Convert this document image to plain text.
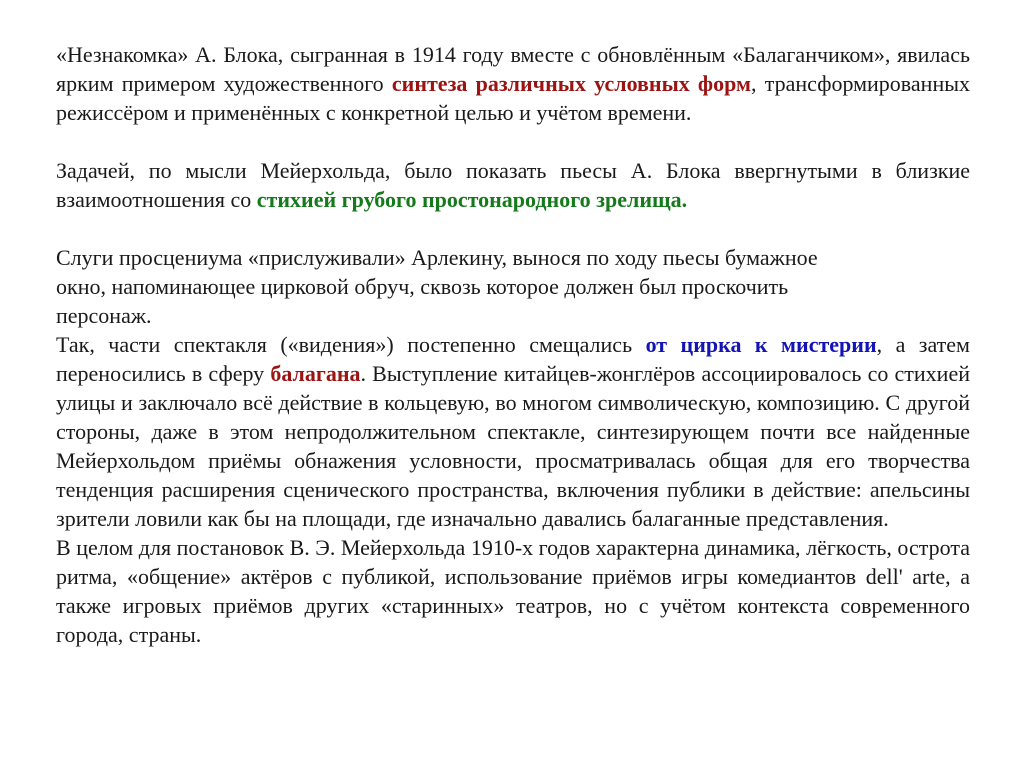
«Незнакомка» А. Блока, сыгранная в 1914 году вместе с обновлённым «Балаганчиком», явилась ярким примером художественного синтеза различных условных форм, трансформированных режиссёром и применённых с конкретной целью и учётом времени.

Задачей, по мысли Мейерхольда, было показать пьесы А. Блока ввергнутыми в близкие взаимоотношения со стихией грубого простонародного зрелища.

Слуги просцениума «прислуживали» Арлекину, вынося по ходу пьесы бумажное
окно, напоминающее цирковой обруч, сквозь которое должен был проскочить
персонаж.

Так, части спектакля («видения») постепенно смещались от цирка к мистерии, а затем переносились в сферу балагана. Выступление китайцев-жонглёров ассоциировалось со стихией улицы и заключало всё действие в кольцевую, во многом символическую, композицию. С другой стороны, даже в этом непродолжительном спектакле, синтезирующем почти все найденные Мейерхольдом приёмы обнажения условности, просматривалась общая для его творчества тенденция расширения сценического пространства, включения публики в действие: апельсины зрители ловили как бы на площади, где изначально давались балаганные представления.

В целом для постановок В. Э. Мейерхольда 1910-х годов характерна динамика, лёгкость, острота ритма, «общение» актёров с публикой, использование приёмов игры комедиантов dell' arte, а также игровых приёмов других «старинных» театров, но с учётом контекста современного города, страны.
